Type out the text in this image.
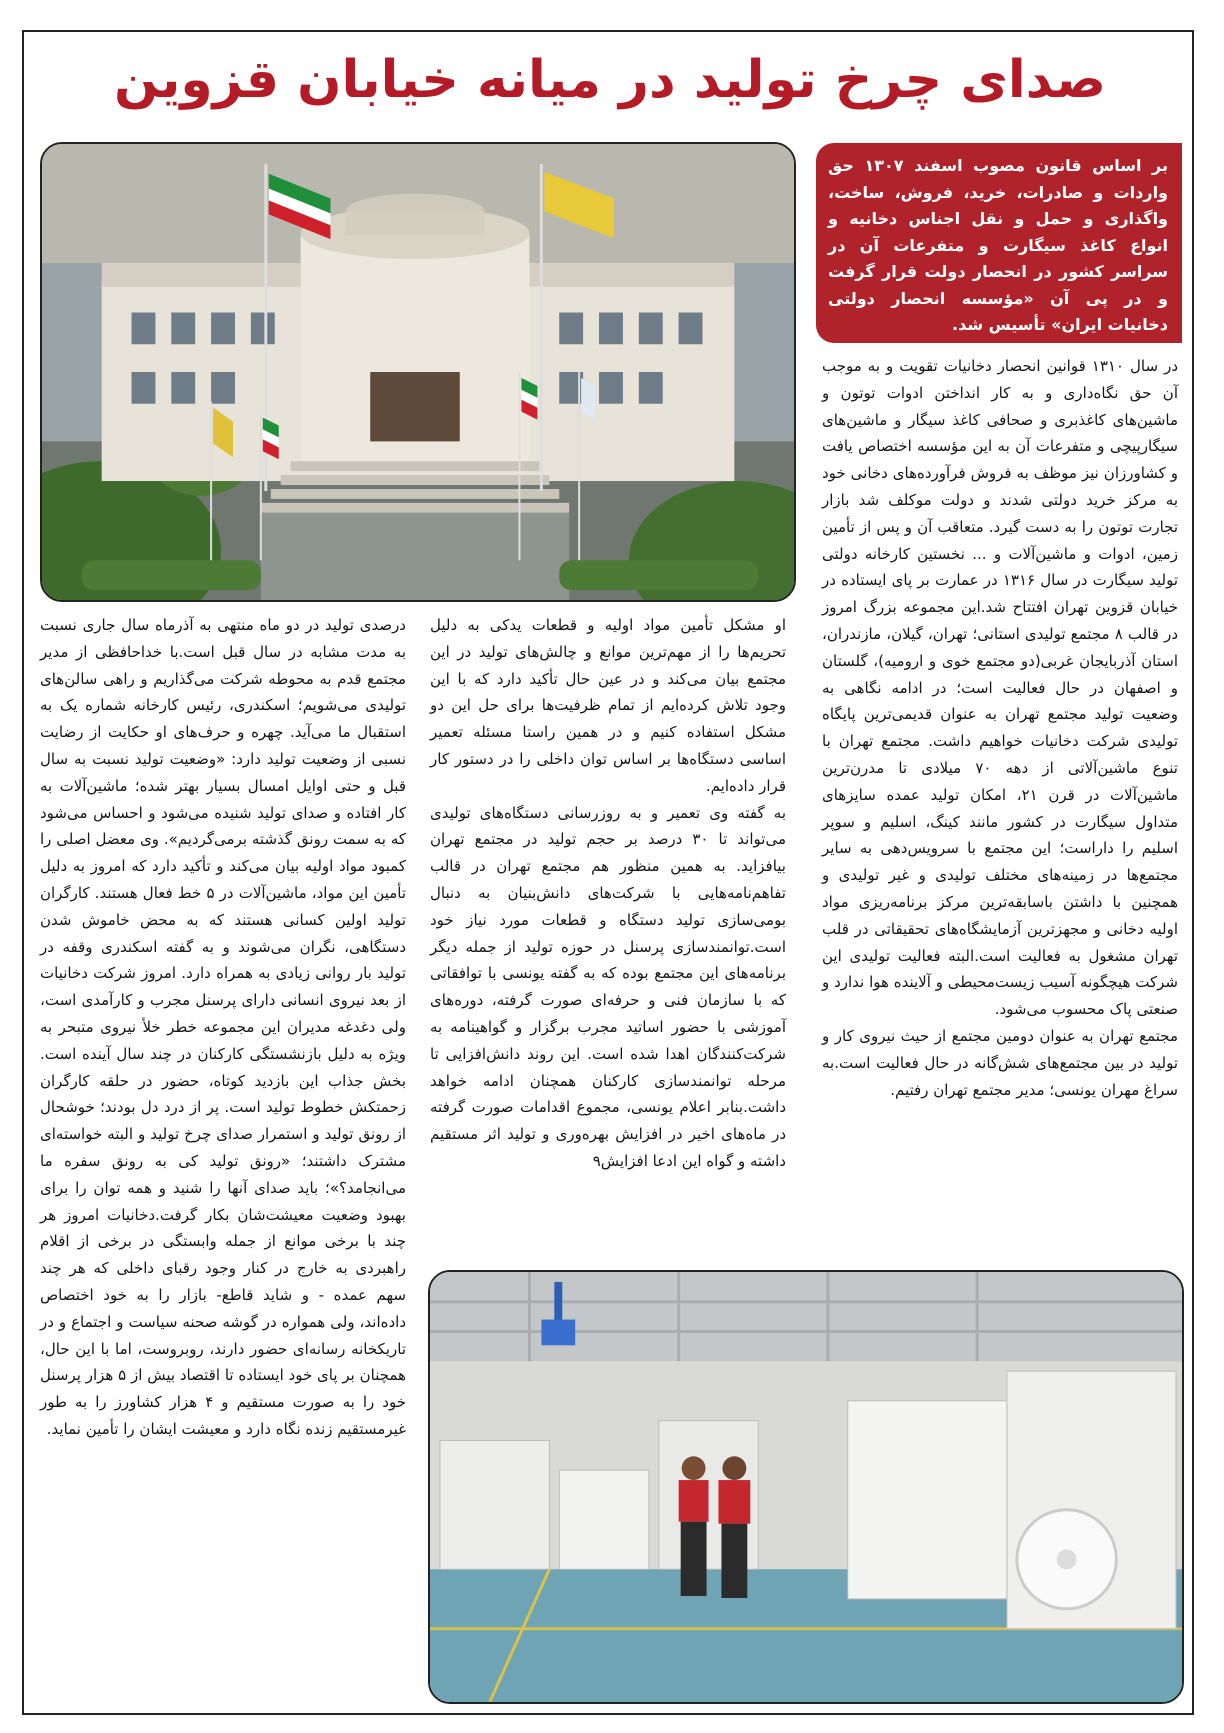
صدای چرخ تولید در میانه خیابان قزوین
بر اساس قانون مصوب اسفند ۱۳۰۷ حق واردات و صادرات، خرید، فروش، ساخت، واگذاری و حمل و نقل اجناس دخانیه و انواع کاغذ سیگارت و متفرعات آن در سراسر کشور در انحصار دولت قرار گرفت و در پی آن «مؤسسه انحصار دولتی دخانیات ایران» تأسیس شد.

در سال ۱۳۱۰ قوانین انحصار دخانیات تقویت و به موجب آن حق نگاه‌داری و به کار انداختن ادوات توتون و ماشین‌های کاغذبری و صحافی کاغذ سیگار و ماشین‌های سیگارپیچی و متفرعات آن به این مؤسسه اختصاص یافت و کشاورزان نیز موظف به فروش فرآورده‌های دخانی خود به مرکز خرید دولتی شدند و دولت موکلف شد بازار تجارت توتون را به دست گیرد. متعاقب آن و پس از تأمین زمین، ادوات و ماشین‌آلات و ... نخستین کارخانه دولتی تولید سیگارت در سال ۱۳۱۶ در عمارت بر پای ایستاده در خیابان قزوین تهران افتتاح شد.این مجموعه بزرگ امروز در قالب ۸ مجتمع تولیدی استانی؛ تهران، گیلان، مازندران، استان آذربایجان غربی(دو مجتمع خوی و ارومیه)، گلستان و اصفهان در حال فعالیت است؛ در ادامه نگاهی به وضعیت تولید مجتمع تهران به عنوان قدیمی‌ترین پایگاه تولیدی شرکت دخانیات خواهیم داشت. مجتمع تهران با تنوع ماشین‌آلاتی از دهه ۷۰ میلادی تا مدرن‌ترین ماشین‌آلات در قرن ۲۱، امکان تولید عمده سایزهای متداول سیگارت در کشور مانند کینگ، اسلیم و سوپر اسلیم را داراست؛ این مجتمع با سرویس‌دهی به سایر مجتمع‌ها در زمینه‌های مختلف تولیدی و غیر تولیدی و همچنین با داشتن باسابقه‌ترین مرکز برنامه‌ریزی مواد اولیه دخانی و مجهزترین آزمایشگاه‌های تحقیقاتی در قلب تهران مشغول به فعالیت است.البته فعالیت تولیدی این شرکت هیچگونه آسیب زیست‌محیطی و آلاینده هوا ندارد و صنعتی پاک محسوب می‌شود.

مجتمع تهران به عنوان دومین مجتمع از حیث نیروی کار و تولید در بین مجتمع‌های شش‌گانه در حال فعالیت است.به سراغ مهران یونسی؛ مدیر مجتمع تهران رفتیم.

او مشکل تأمین مواد اولیه و قطعات یدکی به دلیل تحریم‌ها را از مهم‌ترین موانع و چالش‌های تولید در این مجتمع بیان می‌کند و در عین حال تأکید دارد که با این وجود تلاش کرده‌ایم از تمام ظرفیت‌ها برای حل این دو مشکل استفاده کنیم و در همین راستا مسئله تعمیر اساسی دستگاه‌ها بر اساس توان داخلی را در دستور کار قرار داده‌ایم.

به گفته وی تعمیر و به روزرسانی دستگاه‌های تولیدی می‌تواند تا ۳۰ درصد بر حجم تولید در مجتمع تهران بیافزاید. به همین منظور هم مجتمع تهران در قالب تفاهم‌نامه‌هایی با شرکت‌های دانش‌بنیان به دنبال بومی‌سازی تولید دستگاه و قطعات مورد نیاز خود است.توانمندسازی پرسنل در حوزه تولید از جمله دیگر برنامه‌های این مجتمع بوده که به گفته یونسی با توافقاتی که با سازمان فنی و حرفه‌ای صورت گرفته، دوره‌های آموزشی با حضور اساتید مجرب برگزار و گواهینامه به شرکت‌کنندگان اهدا شده است. این روند دانش‌افزایی تا مرحله توانمندسازی کارکنان همچنان ادامه خواهد داشت.بنابر اعلام یونسی، مجموع اقدامات صورت گرفته در ماه‌های اخیر در افزایش بهره‌وری و تولید اثر مستقیم داشته و گواه این ادعا افزایش۹

درصدی تولید در دو ماه منتهی به آذرماه سال جاری نسبت به مدت مشابه در سال قبل است.با خداحافظی از مدیر مجتمع قدم به محوطه شرکت می‌گذاریم و راهی سالن‌های تولیدی می‌شویم؛ اسکندری، رئیس کارخانه شماره یک به استقبال ما می‌آید. چهره و حرف‌های او حکایت از رضایت نسبی از وضعیت تولید دارد: «وضعیت تولید نسبت به سال قبل و حتی اوایل امسال بسیار بهتر شده؛ ماشین‌آلات به کار افتاده و صدای تولید شنیده می‌شود و احساس می‌شود که به سمت رونق گذشته برمی‌گردیم». وی معضل اصلی را کمبود مواد اولیه بیان می‌کند و تأکید دارد که امروز به دلیل تأمین این مواد، ماشین‌آلات در ۵ خط فعال هستند. کارگران تولید اولین کسانی هستند که به محض خاموش شدن دستگاهی، نگران می‌شوند و به گفته اسکندری وقفه در تولید بار روانی زیادی به همراه دارد. امروز شرکت دخانیات از بعد نیروی انسانی دارای پرسنل مجرب و کارآمدی است، ولی دغدغه مدیران این مجموعه خطر خلأ نیروی متبحر به ویژه به دلیل بازنشستگی کارکنان در چند سال آینده است. بخش جذاب این بازدید کوتاه، حضور در حلقه کارگران زحمتکش خطوط تولید است. پر از درد دل بودند؛ خوشحال از رونق تولید و استمرار صدای چرخ تولید و البته خواسته‌ای مشترک داشتند؛ «رونق تولید کی به رونق سفره ما می‌انجامد؟»؛ باید صدای آنها را شنید و همه توان را برای بهبود وضعیت معیشت‌شان بکار گرفت.دخانیات امروز هر چند با برخی موانع از جمله وابستگی در برخی از اقلام راهبردی به خارج در کنار وجود رقبای داخلی که هر چند سهم عمده - و شاید قاطع- بازار را به خود اختصاص داده‌اند، ولی همواره در گوشه صحنه سیاست و اجتماع و در تاریکخانه رسانه‌ای حضور دارند، روبروست، اما با این حال، همچنان بر پای خود ایستاده تا اقتصاد بیش از ۵ هزار پرسنل خود را به صورت مستقیم و ۴ هزار کشاورز را به طور غیرمستقیم زنده نگاه دارد و معیشت ایشان را تأمین نماید.
